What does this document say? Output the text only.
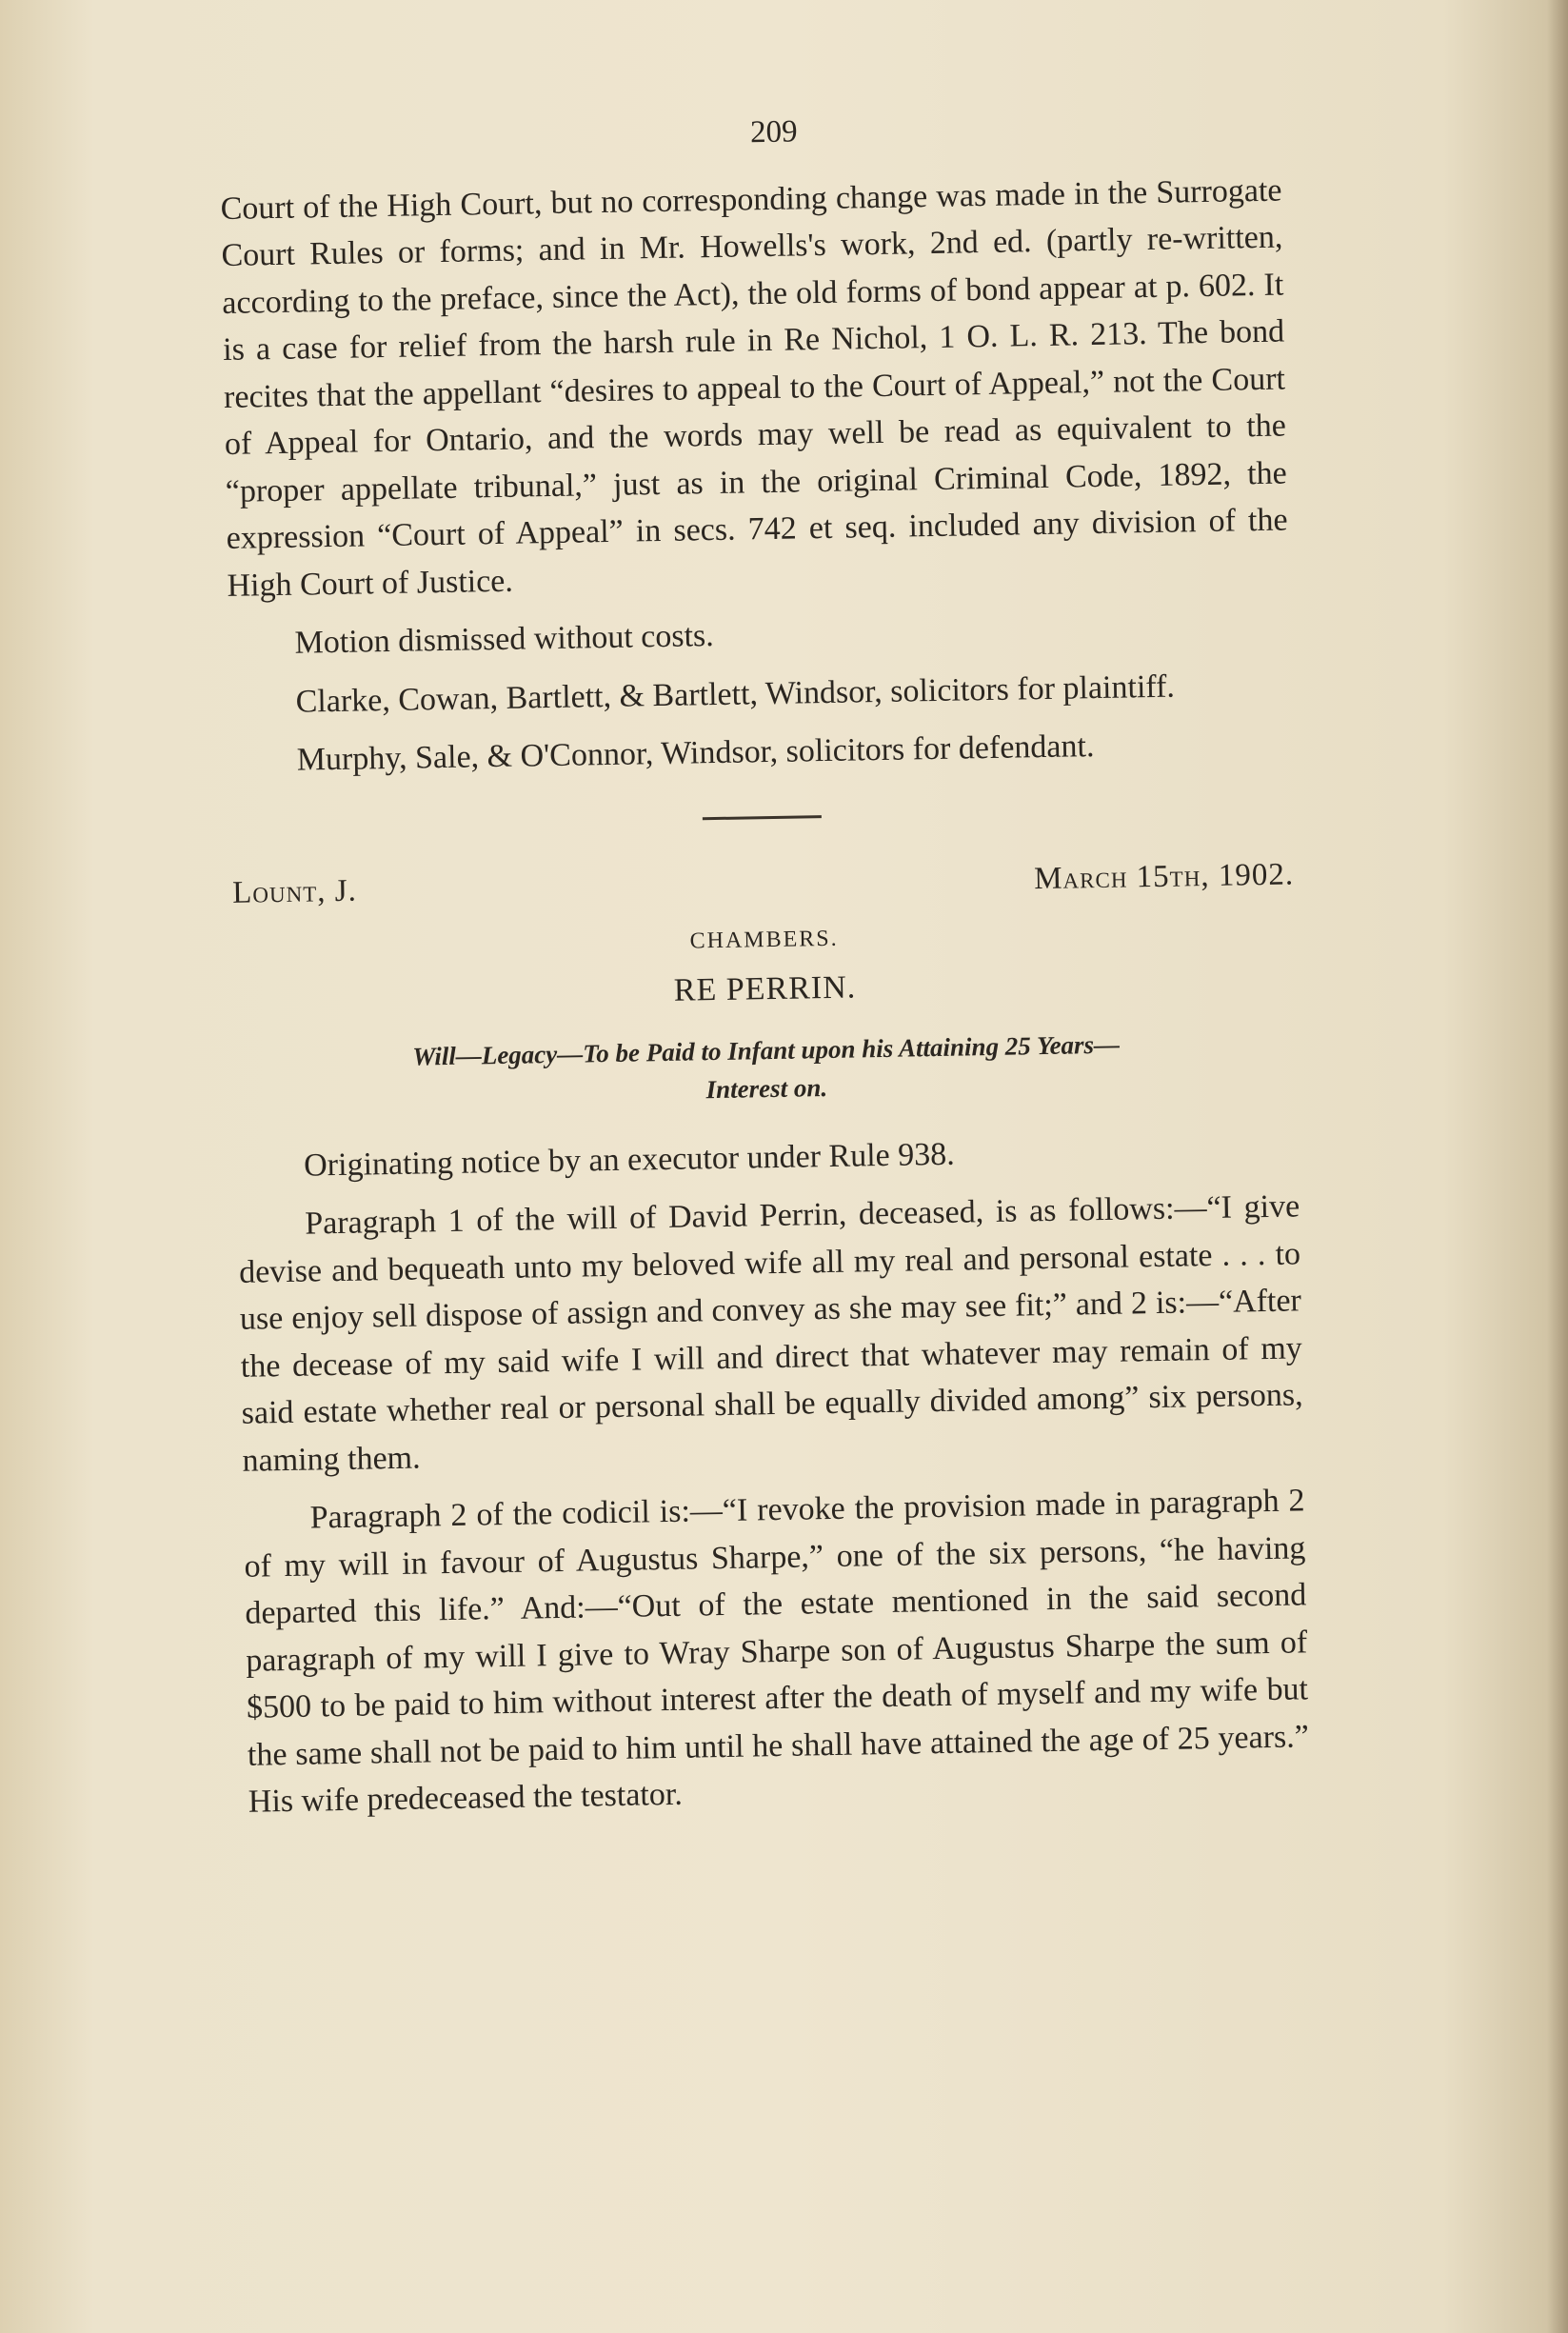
209

Court of the High Court, but no corresponding change was made in the Surrogate Court Rules or forms; and in Mr. Howells's work, 2nd ed. (partly re-written, according to the preface, since the Act), the old forms of bond appear at p. 602. It is a case for relief from the harsh rule in Re Nichol, 1 O. L. R. 213. The bond recites that the appellant “desires to appeal to the Court of Appeal,” not the Court of Appeal for Ontario, and the words may well be read as equivalent to the “proper appellate tribunal,” just as in the original Criminal Code, 1892, the expression “Court of Appeal” in secs. 742 et seq. included any division of the High Court of Justice.

Motion dismissed without costs.

Clarke, Cowan, Bartlett, & Bartlett, Windsor, solicitors for plaintiff.

Murphy, Sale, & O'Connor, Windsor, solicitors for defendant.

Lount, J.	March 15th, 1902.
CHAMBERS.
RE PERRIN.
Will—Legacy—To be Paid to Infant upon his Attaining 25 Years—
Interest on.

Originating notice by an executor under Rule 938.

Paragraph 1 of the will of David Perrin, deceased, is as follows:—“I give devise and bequeath unto my beloved wife all my real and personal estate . . . to use enjoy sell dispose of assign and convey as she may see fit;” and 2 is:—“After the decease of my said wife I will and direct that whatever may remain of my said estate whether real or personal shall be equally divided among” six persons, naming them.

Paragraph 2 of the codicil is:—“I revoke the provision made in paragraph 2 of my will in favour of Augustus Sharpe,” one of the six persons, “he having departed this life.” And:—“Out of the estate mentioned in the said second paragraph of my will I give to Wray Sharpe son of Augustus Sharpe the sum of $500 to be paid to him without interest after the death of myself and my wife but the same shall not be paid to him until he shall have attained the age of 25 years.” His wife predeceased the testator.
